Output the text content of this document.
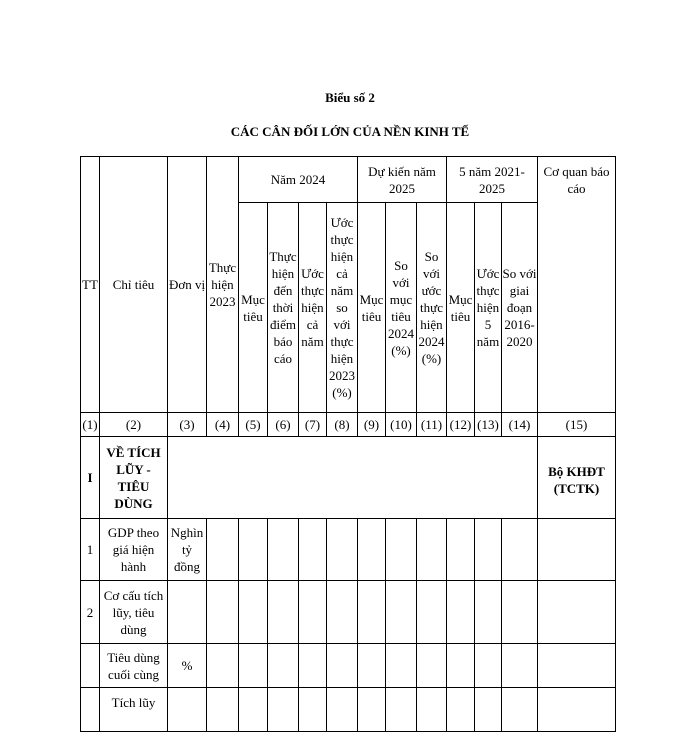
Biểu số 2
CÁC CÂN ĐỐI LỚN CỦA NỀN KINH TẾ
TT	Chỉ tiêu	Đơn vị	Thực hiện 2023	Năm 2024				Dự kiến năm 2025			5 năm 2021-2025			Cơ quan báo cáo
				Mục tiêu	Thực hiện đến thời điểm báo cáo	Ước thực hiện cả năm	Ước thực hiện cả năm so với thực hiện 2023 (%)	Mục tiêu	So với mục tiêu 2024 (%)	So với ước thực hiện 2024 (%)	Mục tiêu	Ước thực hiện 5 năm	So với giai đoạn 2016-2020	
(1)	(2)	(3)	(4)	(5)	(6)	(7)	(8)	(9)	(10)	(11)	(12)	(13)	(14)	(15)
I	VỀ TÍCH LŨY - TIÊU DÙNG													Bộ KHĐT (TCTK)
1	GDP theo giá hiện hành	Nghìn tỷ đồng												
2	Cơ cấu tích lũy, tiêu dùng													
	Tiêu dùng cuối cùng	%												
	Tích lũy													
